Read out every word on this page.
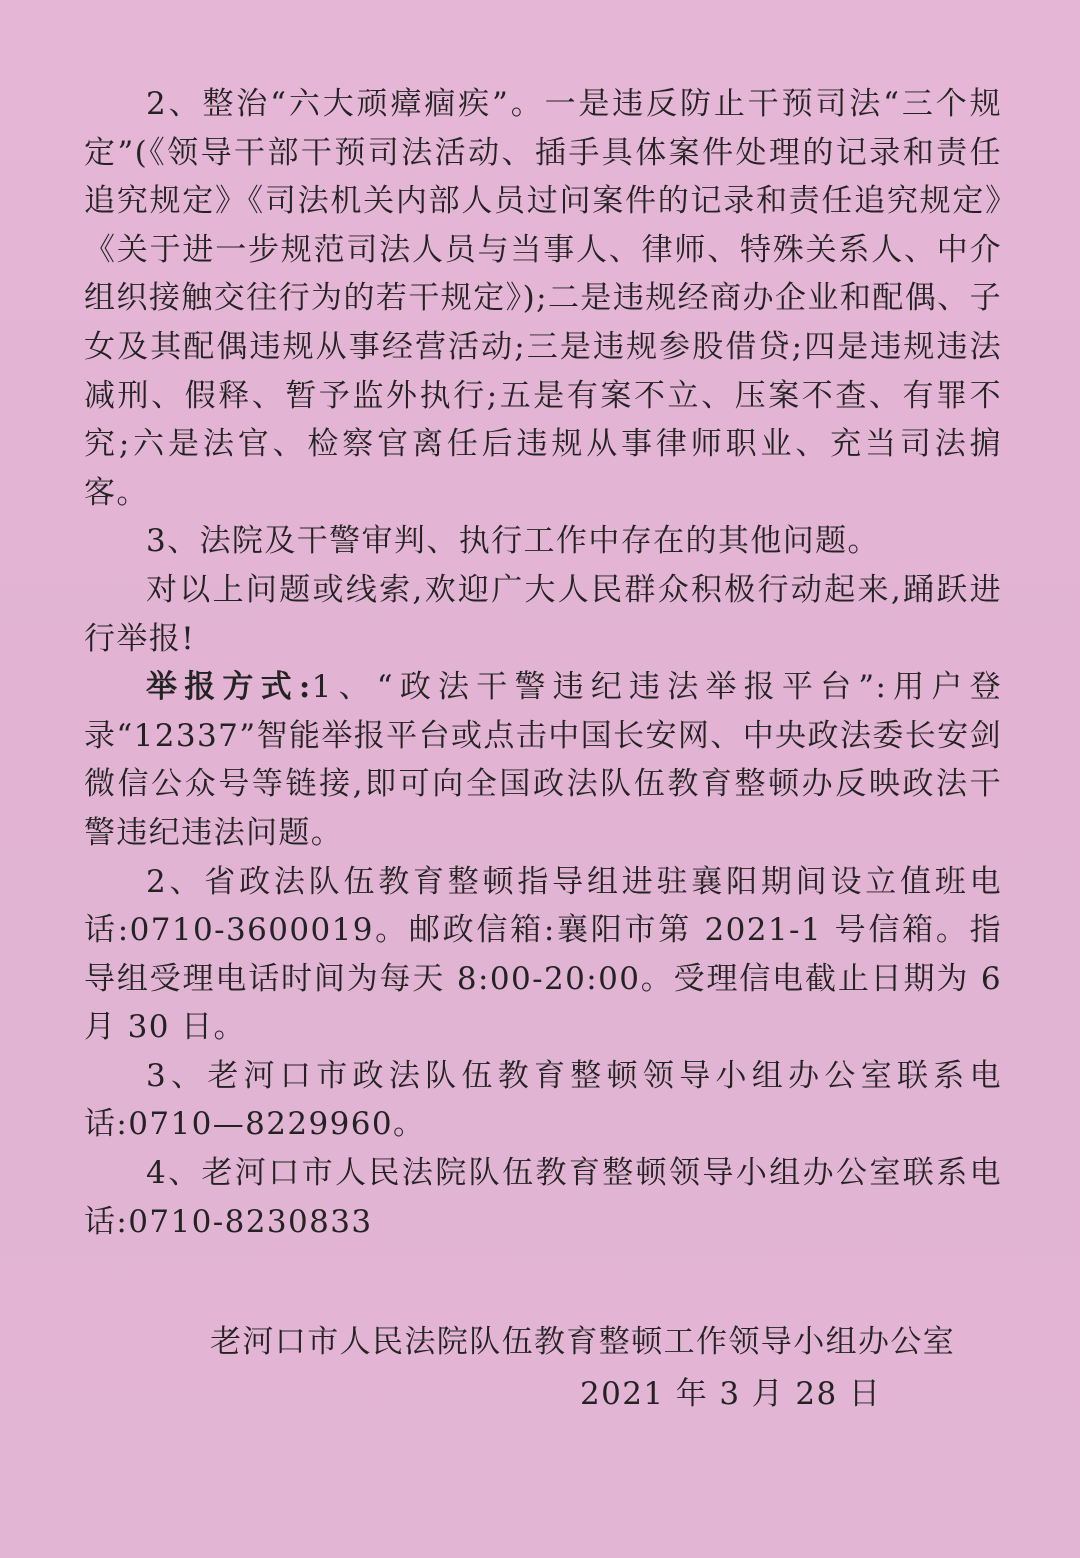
2、整治“六大顽瘴痼疾”。一是违反防止干预司法“三个规定”(《领导干部干预司法活动、插手具体案件处理的记录和责任追究规定》《司法机关内部人员过问案件的记录和责任追究规定》《关于进一步规范司法人员与当事人、律师、特殊关系人、中介组织接触交往行为的若干规定》);二是违规经商办企业和配偶、子女及其配偶违规从事经营活动;三是违规参股借贷;四是违规违法减刑、假释、暂予监外执行;五是有案不立、压案不查、有罪不究;六是法官、检察官离任后违规从事律师职业、充当司法掮客。

3、法院及干警审判、执行工作中存在的其他问题。

对以上问题或线索,欢迎广大人民群众积极行动起来,踊跃进行举报!

举报方式:1、“政法干警违纪违法举报平台”:用户登录“12337”智能举报平台或点击中国长安网、中央政法委长安剑微信公众号等链接,即可向全国政法队伍教育整顿办反映政法干警违纪违法问题。

2、省政法队伍教育整顿指导组进驻襄阳期间设立值班电话:0710-3600019。邮政信箱:襄阳市第 2021-1 号信箱。指导组受理电话时间为每天 8:00-20:00。受理信电截止日期为 6 月 30 日。

3、老河口市政法队伍教育整顿领导小组办公室联系电话:0710—8229960。

4、老河口市人民法院队伍教育整顿领导小组办公室联系电话:0710-8230833

老河口市人民法院队伍教育整顿工作领导小组办公室
2021 年 3 月 28 日
